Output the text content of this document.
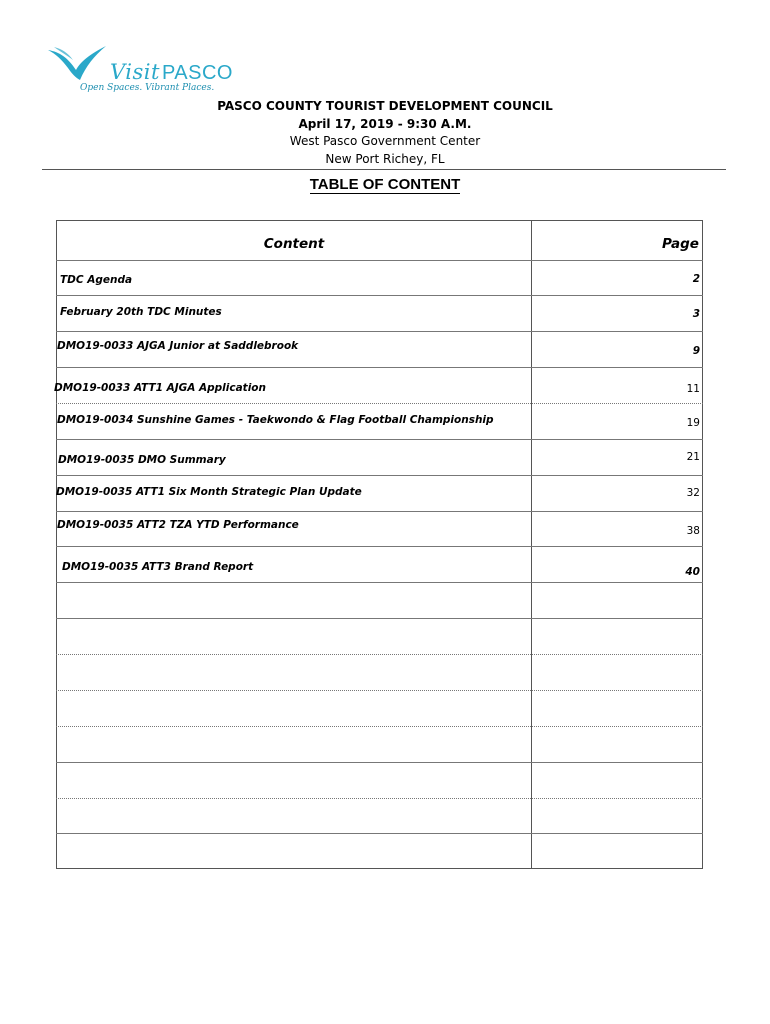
Visit PASCO
Open Spaces. Vibrant Places.
PASCO COUNTY TOURIST DEVELOPMENT COUNCIL
April 17, 2019 - 9:30 A.M.
West Pasco Government Center
New Port Richey, FL
TABLE OF CONTENT
Content	Page
TDC Agenda
February 20th TDC Minutes
DMO19-0033 AJGA Junior at Saddlebrook
DMO19-0033 ATT1 AJGA Application
DMO19-0034 Sunshine Games - Taekwondo & Flag Football Championship
DMO19-0035 DMO Summary
DMO19-0035 ATT1 Six Month Strategic Plan Update
DMO19-0035 ATT2 TZA YTD Performance
DMO19-0035 ATT3 Brand Report
2
3
9
11
19
21
32
38
40
